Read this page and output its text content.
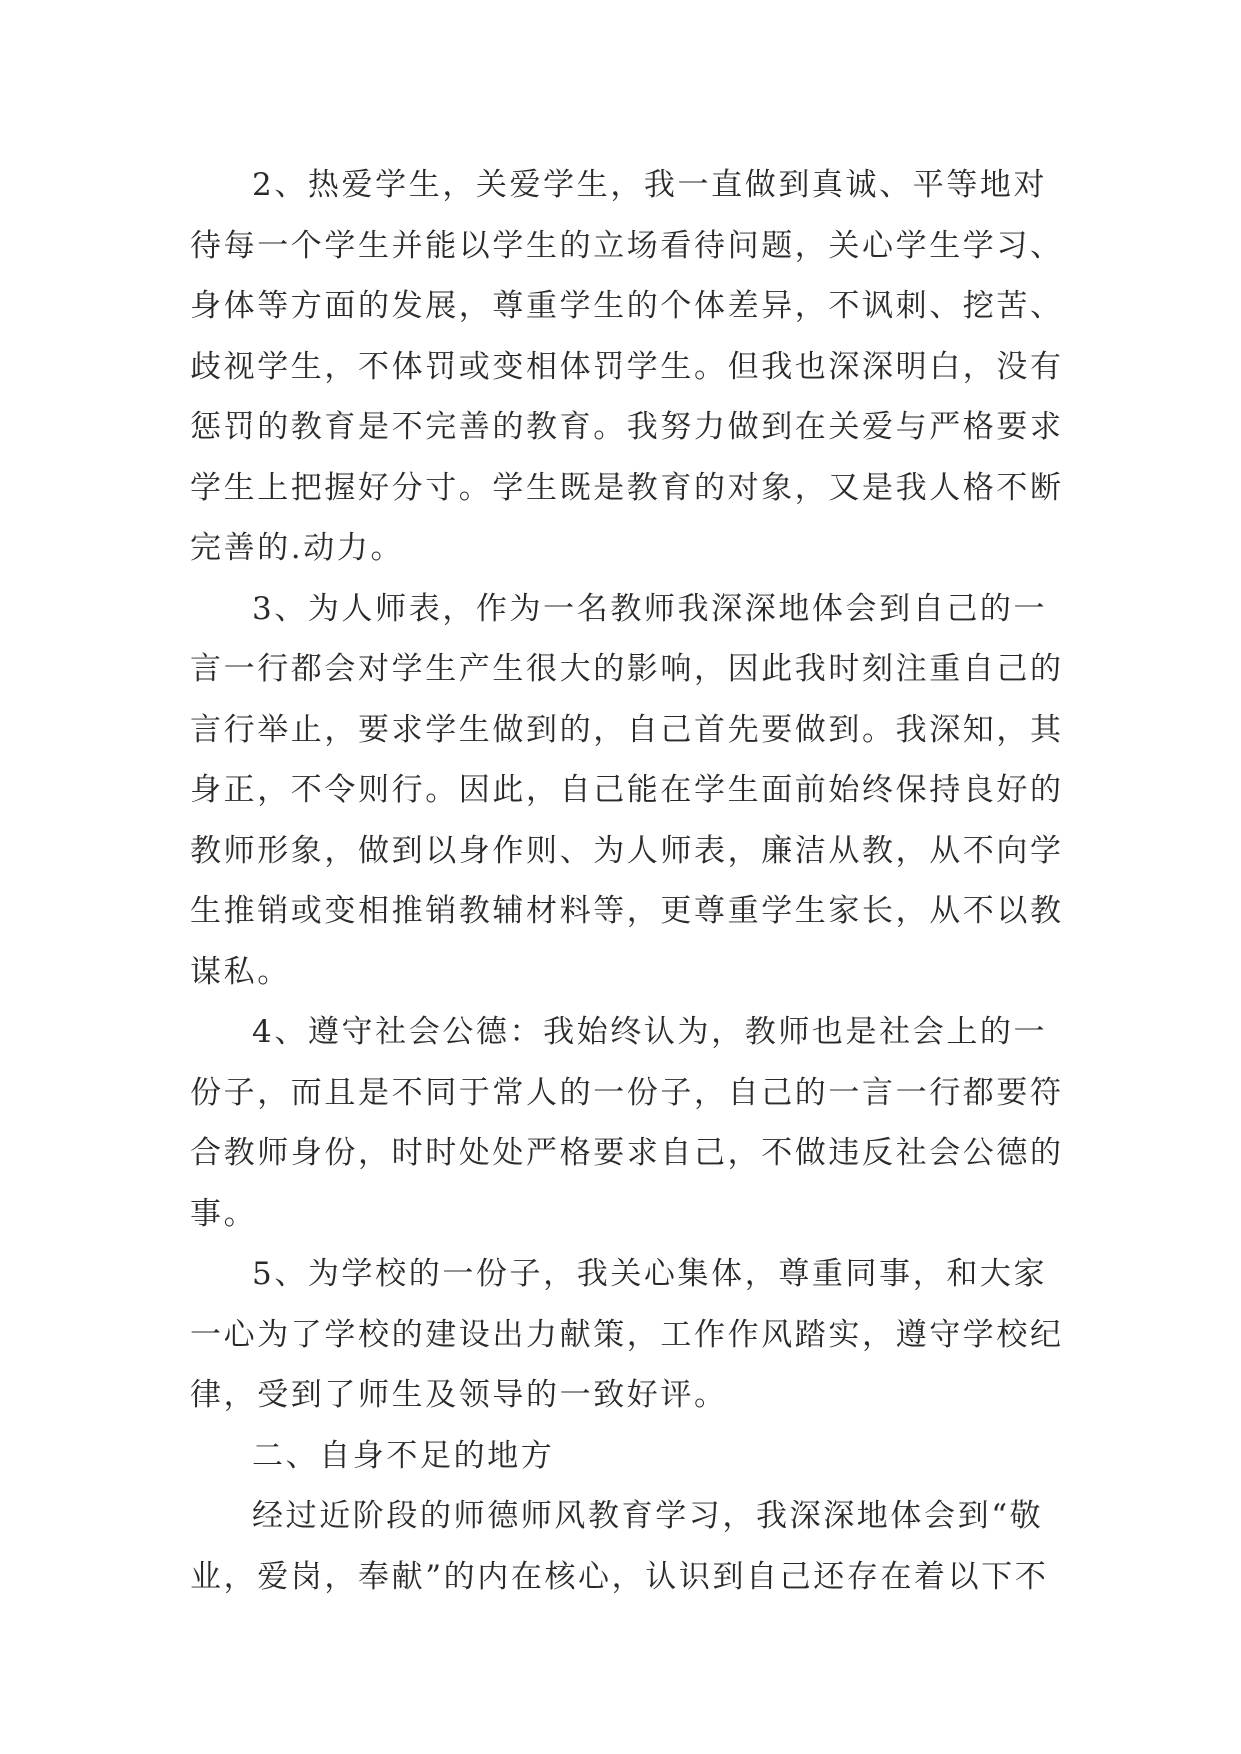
2、热爱学生，关爱学生，我一直做到真诚、平等地对
待每一个学生并能以学生的立场看待问题，关心学生学习、
身体等方面的发展，尊重学生的个体差异，不讽刺、挖苦、
歧视学生，不体罚或变相体罚学生。但我也深深明白，没有
惩罚的教育是不完善的教育。我努力做到在关爱与严格要求
学生上把握好分寸。学生既是教育的对象，又是我人格不断
完善的.动力。
3、为人师表，作为一名教师我深深地体会到自己的一
言一行都会对学生产生很大的影响，因此我时刻注重自己的
言行举止，要求学生做到的，自己首先要做到。我深知，其
身正，不令则行。因此，自己能在学生面前始终保持良好的
教师形象，做到以身作则、为人师表，廉洁从教，从不向学
生推销或变相推销教辅材料等，更尊重学生家长，从不以教
谋私。
4、遵守社会公德：我始终认为，教师也是社会上的一
份子，而且是不同于常人的一份子，自己的一言一行都要符
合教师身份，时时处处严格要求自己，不做违反社会公德的
事。
5、为学校的一份子，我关心集体，尊重同事，和大家
一心为了学校的建设出力献策，工作作风踏实，遵守学校纪
律，受到了师生及领导的一致好评。
二、自身不足的地方
经过近阶段的师德师风教育学习，我深深地体会到“敬
业，爱岗，奉献”的内在核心，认识到自己还存在着以下不
